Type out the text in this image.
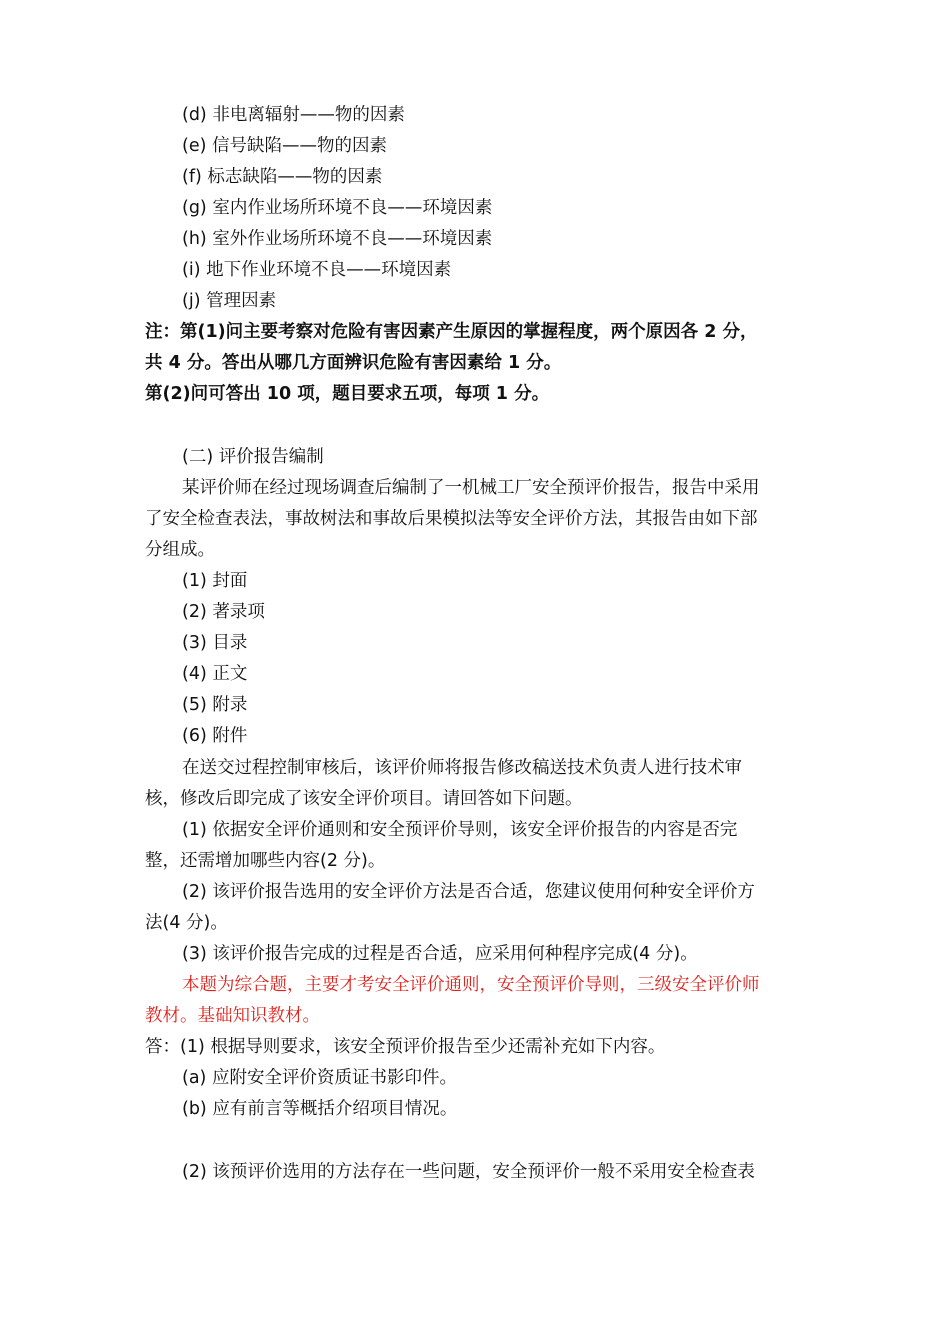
(d) 非电离辐射——物的因素
(e) 信号缺陷——物的因素
(f) 标志缺陷——物的因素
(g) 室内作业场所环境不良——环境因素
(h) 室外作业场所环境不良——环境因素
(i) 地下作业环境不良——环境因素
(j) 管理因素
注：第(1)问主要考察对危险有害因素产生原因的掌握程度，两个原因各 2 分，
共 4 分。答出从哪几方面辨识危险有害因素给 1 分。
第(2)问可答出 10 项，题目要求五项，每项 1 分。
(二) 评价报告编制
某评价师在经过现场调查后编制了一机械工厂安全预评价报告，报告中采用
了安全检查表法，事故树法和事故后果模拟法等安全评价方法，其报告由如下部
分组成。
(1) 封面
(2) 著录项
(3) 目录
(4) 正文
(5) 附录
(6) 附件
在送交过程控制审核后，该评价师将报告修改稿送技术负责人进行技术审
核，修改后即完成了该安全评价项目。请回答如下问题。
(1) 依据安全评价通则和安全预评价导则，该安全评价报告的内容是否完
整，还需增加哪些内容(2 分)。
(2) 该评价报告选用的安全评价方法是否合适，您建议使用何种安全评价方
法(4 分)。
(3) 该评价报告完成的过程是否合适，应采用何种程序完成(4 分)。
本题为综合题，主要才考安全评价通则，安全预评价导则，三级安全评价师
教材。基础知识教材。
答：(1) 根据导则要求，该安全预评价报告至少还需补充如下内容。
(a) 应附安全评价资质证书影印件。
(b) 应有前言等概括介绍项目情况。
(2) 该预评价选用的方法存在一些问题，安全预评价一般不采用安全检查表
